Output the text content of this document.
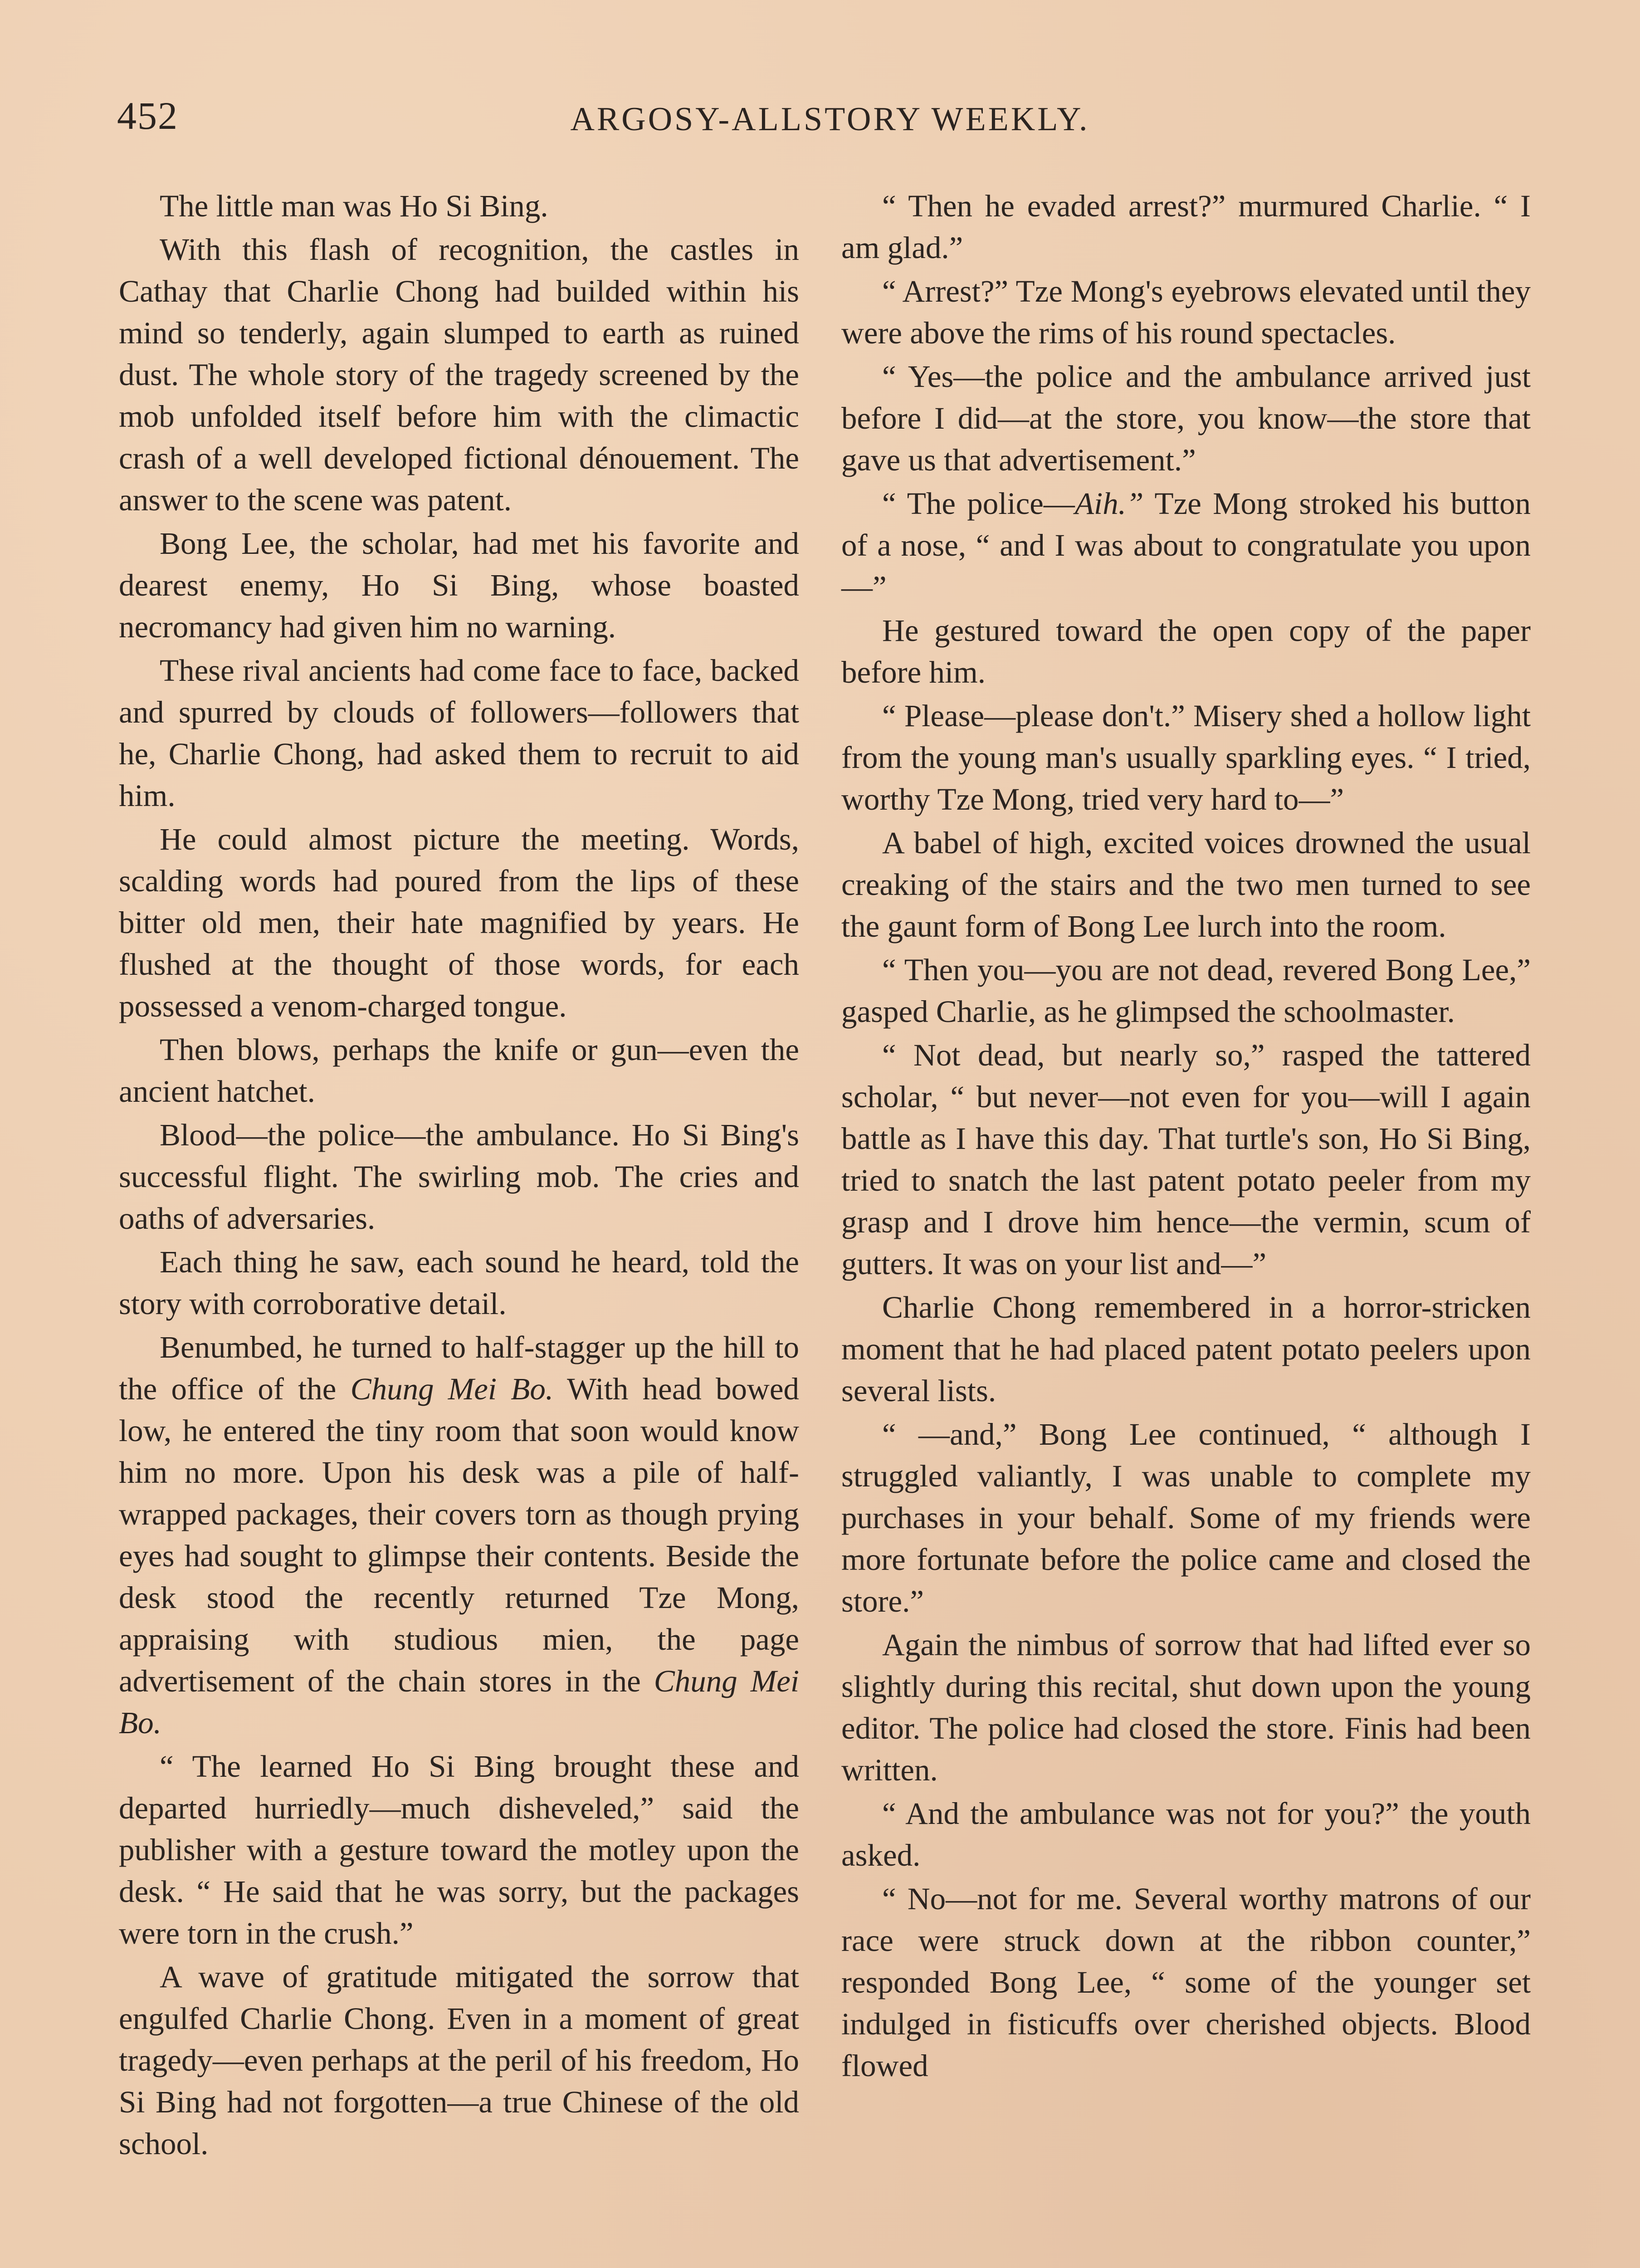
452	ARGOSY-ALLSTORY WEEKLY.

The little man was Ho Si Bing.

With this flash of recognition, the castles in Cathay that Charlie Chong had builded within his mind so tenderly, again slumped to earth as ruined dust. The whole story of the tragedy screened by the mob unfolded itself before him with the climactic crash of a well developed fictional dénouement. The answer to the scene was patent.

Bong Lee, the scholar, had met his favorite and dearest enemy, Ho Si Bing, whose boasted necromancy had given him no warning.

These rival ancients had come face to face, backed and spurred by clouds of followers—followers that he, Charlie Chong, had asked them to recruit to aid him.

He could almost picture the meeting. Words, scalding words had poured from the lips of these bitter old men, their hate magnified by years. He flushed at the thought of those words, for each possessed a venom-charged tongue.

Then blows, perhaps the knife or gun—even the ancient hatchet.

Blood—the police—the ambulance. Ho Si Bing's successful flight. The swirling mob. The cries and oaths of adversaries.

Each thing he saw, each sound he heard, told the story with corroborative detail.

Benumbed, he turned to half-stagger up the hill to the office of the Chung Mei Bo. With head bowed low, he entered the tiny room that soon would know him no more. Upon his desk was a pile of half-wrapped packages, their covers torn as though prying eyes had sought to glimpse their contents. Beside the desk stood the recently returned Tze Mong, appraising with studious mien, the page advertisement of the chain stores in the Chung Mei Bo.

“ The learned Ho Si Bing brought these and departed hurriedly—much disheveled,” said the publisher with a gesture toward the motley upon the desk. “ He said that he was sorry, but the packages were torn in the crush.”

A wave of gratitude mitigated the sorrow that engulfed Charlie Chong. Even in a moment of great tragedy—even perhaps at the peril of his freedom, Ho Si Bing had not forgotten—a true Chinese of the old school.

“ Then he evaded arrest?” murmured Charlie. “ I am glad.”

“ Arrest?” Tze Mong's eyebrows elevated until they were above the rims of his round spectacles.

“ Yes—the police and the ambulance arrived just before I did—at the store, you know—the store that gave us that advertisement.”

“ The police—Aih.” Tze Mong stroked his button of a nose, “ and I was about to congratulate you upon—”

He gestured toward the open copy of the paper before him.

“ Please—please don't.” Misery shed a hollow light from the young man's usually sparkling eyes. “ I tried, worthy Tze Mong, tried very hard to—”

A babel of high, excited voices drowned the usual creaking of the stairs and the two men turned to see the gaunt form of Bong Lee lurch into the room.

“ Then you—you are not dead, revered Bong Lee,” gasped Charlie, as he glimpsed the schoolmaster.

“ Not dead, but nearly so,” rasped the tattered scholar, “ but never—not even for you—will I again battle as I have this day. That turtle's son, Ho Si Bing, tried to snatch the last patent potato peeler from my grasp and I drove him hence—the vermin, scum of gutters. It was on your list and—”

Charlie Chong remembered in a horror-stricken moment that he had placed patent potato peelers upon several lists.

“ —and,” Bong Lee continued, “ although I struggled valiantly, I was unable to complete my purchases in your behalf. Some of my friends were more fortunate before the police came and closed the store.”

Again the nimbus of sorrow that had lifted ever so slightly during this recital, shut down upon the young editor. The police had closed the store. Finis had been written.

“ And the ambulance was not for you?” the youth asked.

“ No—not for me. Several worthy matrons of our race were struck down at the ribbon counter,” responded Bong Lee, “ some of the younger set indulged in fisticuffs over cherished objects. Blood flowed
